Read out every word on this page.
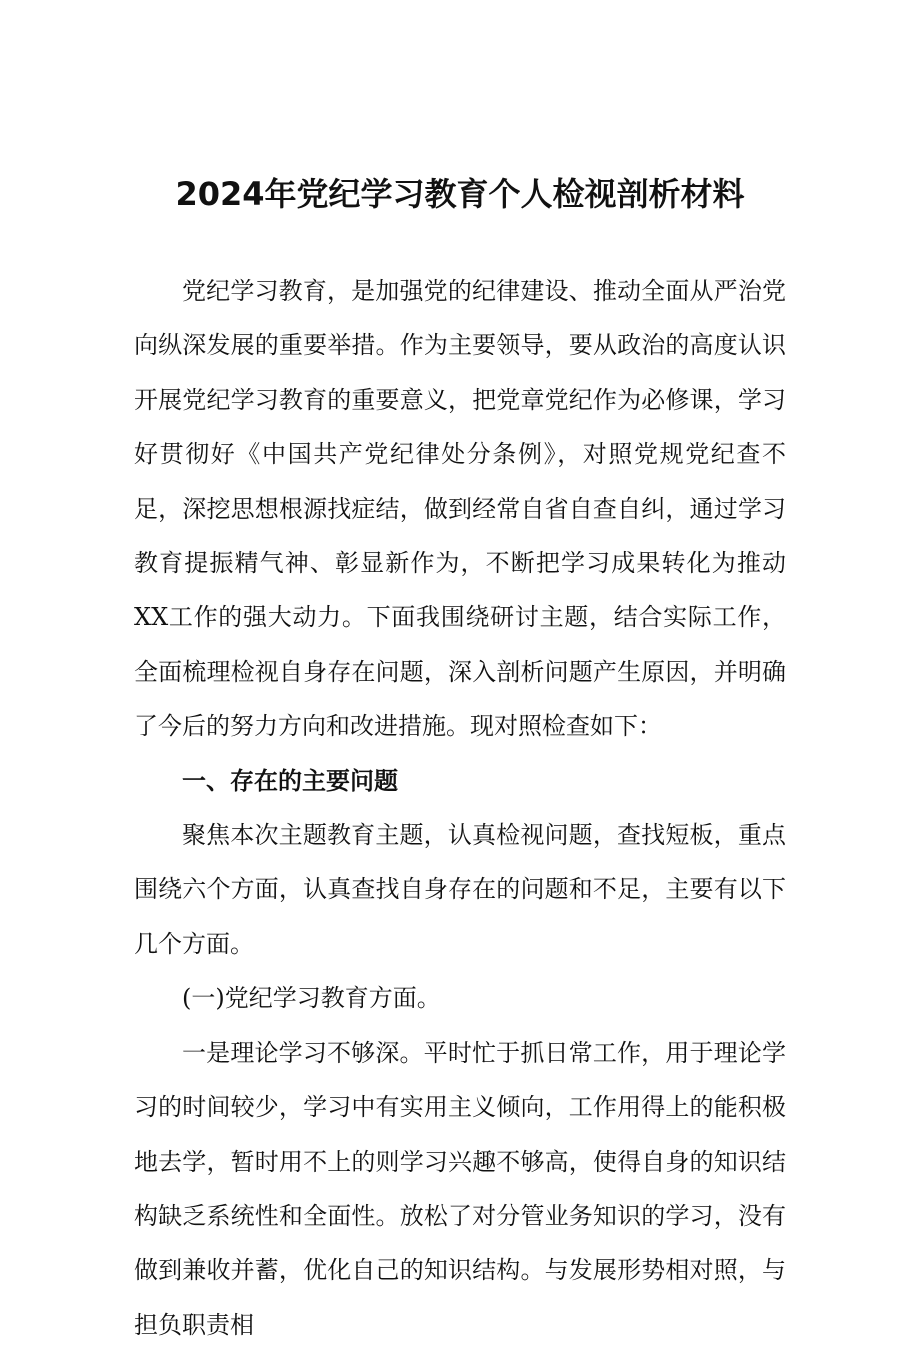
2024年党纪学习教育个人检视剖析材料

党纪学习教育，是加强党的纪律建设、推动全面从严治党向纵深发展的重要举措。作为主要领导，要从政治的高度认识开展党纪学习教育的重要意义，把党章党纪作为必修课，学习好贯彻好《中国共产党纪律处分条例》，对照党规党纪查不足，深挖思想根源找症结，做到经常自省自查自纠，通过学习教育提振精气神、彰显新作为，不断把学习成果转化为推动XX工作的强大动力。下面我围绕研讨主题，结合实际工作，全面梳理检视自身存在问题，深入剖析问题产生原因，并明确了今后的努力方向和改进措施。现对照检查如下：

一、存在的主要问题

聚焦本次主题教育主题，认真检视问题，查找短板，重点围绕六个方面，认真查找自身存在的问题和不足，主要有以下几个方面。

(一)党纪学习教育方面。

一是理论学习不够深。平时忙于抓日常工作，用于理论学习的时间较少，学习中有实用主义倾向，工作用得上的能积极地去学，暂时用不上的则学习兴趣不够高，使得自身的知识结构缺乏系统性和全面性。放松了对分管业务知识的学习，没有做到兼收并蓄，优化自己的知识结构。与发展形势相对照，与担负职责相
